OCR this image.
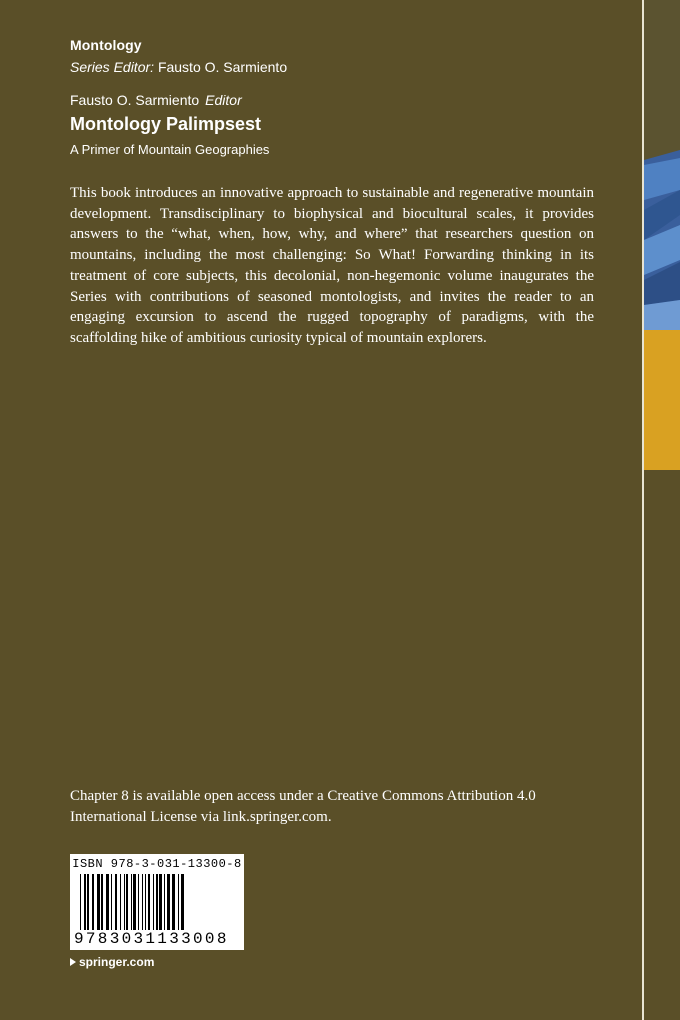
Montology
Series Editor: Fausto O. Sarmiento
Fausto O. Sarmiento Editor
Montology Palimpsest
A Primer of Mountain Geographies

This book introduces an innovative approach to sustainable and regenerative mountain development. Transdisciplinary to biophysical and biocultural scales, it provides answers to the “what, when, how, why, and where” that researchers question on mountains, including the most challenging: So What! Forwarding thinking in its treatment of core subjects, this decolonial, non-hegemonic volume inaugurates the Series with contributions of seasoned montologists, and invites the reader to an engaging excursion to ascend the rugged topography of paradigms, with the scaffolding hike of ambitious curiosity typical of mountain explorers.

Chapter 8 is available open access under a Creative Commons Attribution 4.0 International License via link.springer.com.

ISBN 978-3-031-13300-8
9783031133008
springer.com
